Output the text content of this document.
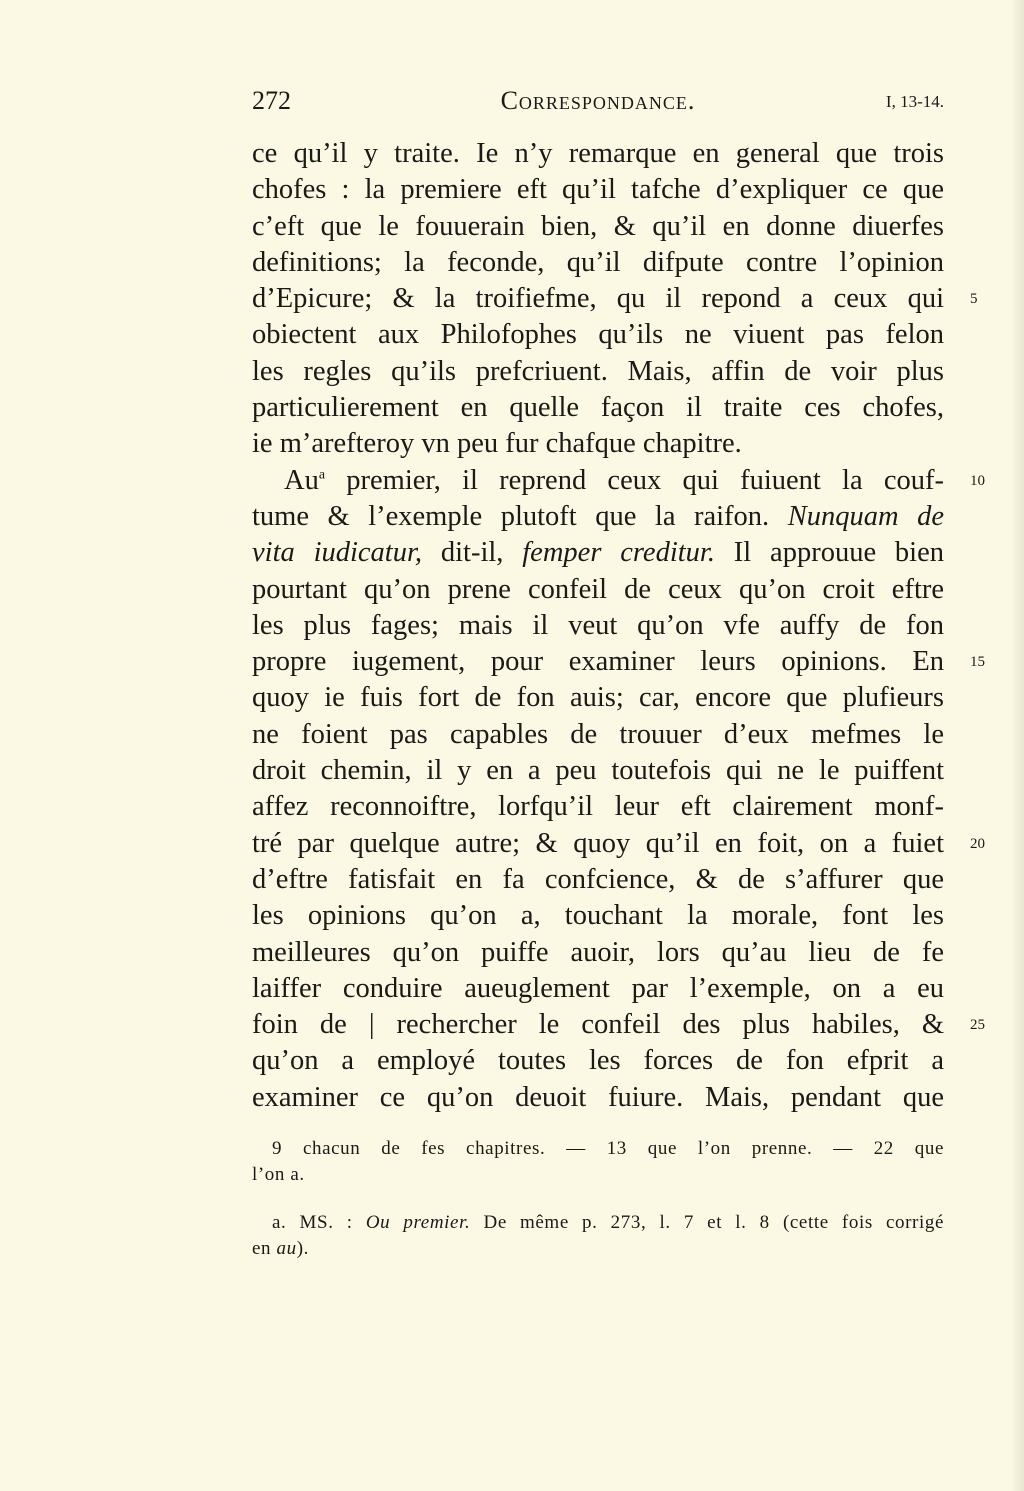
272	Correspondance.	I, 13-14.
ce qu’il y traite. Ie n’y remarque en general que trois
chofes : la premiere eft qu’il tafche d’expliquer ce que
c’eft que le fouuerain bien, & qu’il en donne diuerfes
definitions; la feconde, qu’il difpute contre l’opinion
d’Epicure; & la troifiefme, qu il repond a ceux qui 5
obiectent aux Philofophes qu’ils ne viuent pas felon
les regles qu’ils prefcriuent. Mais, affin de voir plus
particulierement en quelle façon il traite ces chofes,
ie m’arefteroy vn peu fur chafque chapitre.
Au$^a$ premier, il reprend ceux qui fuiuent la couf- 10
tume & l’exemple plutoft que la raifon. Nunquam de
vita iudicatur, dit-il, femper creditur. Il approuue bien
pourtant qu’on prene confeil de ceux qu’on croit eftre
les plus fages; mais il veut qu’on vfe auffy de fon
propre iugement, pour examiner leurs opinions. En 15
quoy ie fuis fort de fon auis; car, encore que plufieurs
ne foient pas capables de trouuer d’eux mefmes le
droit chemin, il y en a peu toutefois qui ne le puiffent
affez reconnoiftre, lorfqu’il leur eft clairement monf-
tré par quelque autre; & quoy qu’il en foit, on a fuiet 20
d’eftre fatisfait en fa confcience, & de s’affurer que
les opinions qu’on a, touchant la morale, font les
meilleures qu’on puiffe auoir, lors qu’au lieu de fe
laiffer conduire aueuglement par l’exemple, on a eu
foin de | rechercher le confeil des plus habiles, & 25
qu’on a employé toutes les forces de fon efprit a
examiner ce qu’on deuoit fuiure. Mais, pendant que
9 chacun de fes chapitres. — 13 que l’on prenne. — 22 que
l’on a.
a. MS. : Ou premier. De même p. 273, l. 7 et l. 8 (cette fois corrigé
en au).
